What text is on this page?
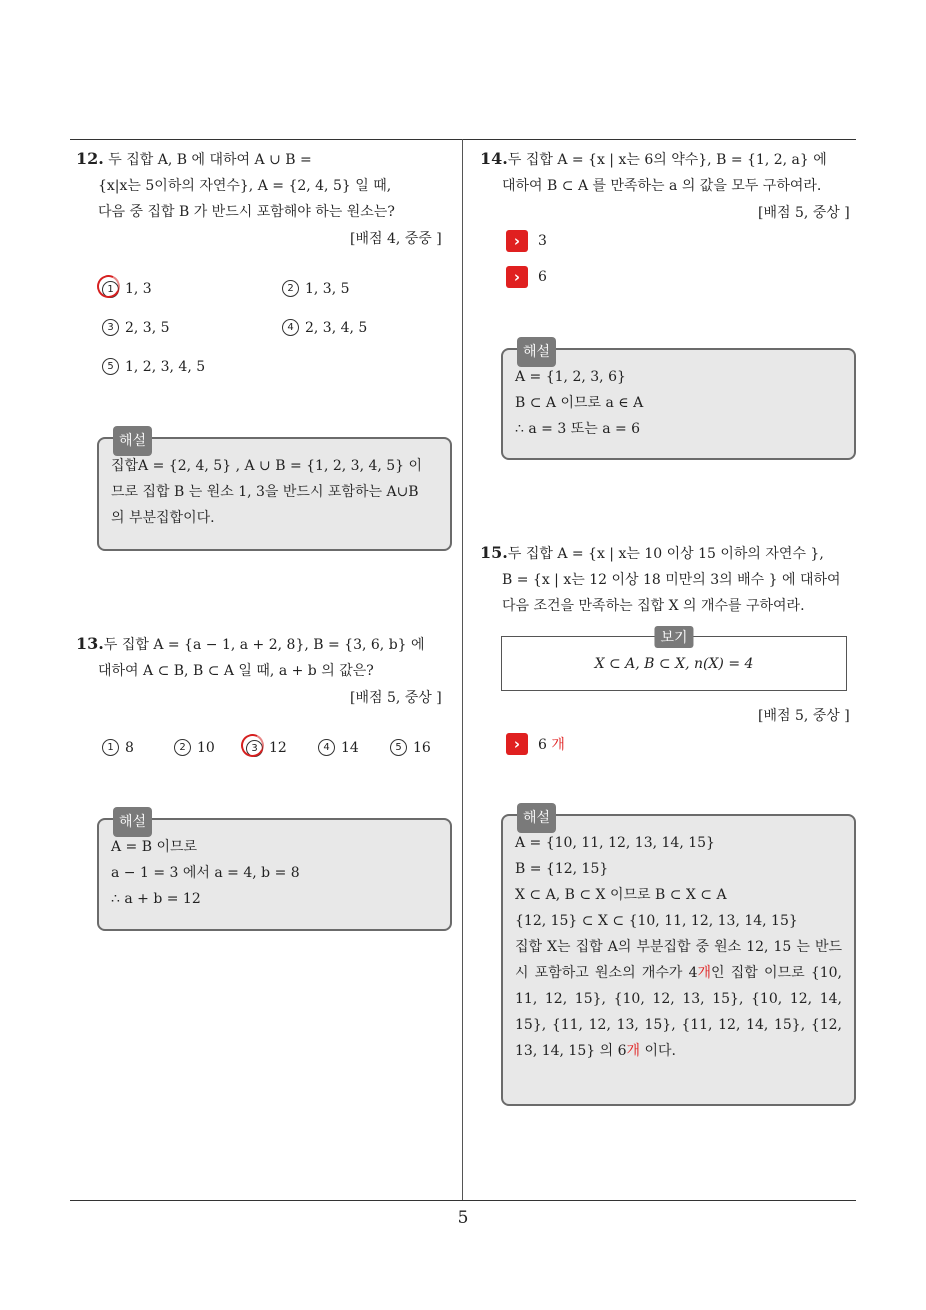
5

12. 두 집합 A, B 에 대하여 A ∪ B =

{x|x는 5이하의 자연수}, A = {2, 4, 5} 일 때,

다음 중 집합 B 가 반드시 포함해야 하는 원소는?

[배점 4, 중중 ]
1 1, 3	2 1, 3, 5
3 2, 3, 5	4 2, 3, 4, 5
5 1, 2, 3, 4, 5
해설

집합A = {2, 4, 5} , A ∪ B = {1, 2, 3, 4, 5} 이

므로 집합 B 는 원소 1, 3을 반드시 포함하는 A∪B

의 부분집합이다.

13.두 집합 A = {a − 1, a + 2, 8}, B = {3, 6, b} 에

대하여 A ⊂ B, B ⊂ A 일 때, a + b 의 값은?

[배점 5, 중상 ]
1 8	2 10	3 12	4 14	5 16
해설

A = B 이므로

a − 1 = 3 에서 a = 4, b = 8

∴ a + b = 12

14.두 집합 A = {x | x는 6의 약수}, B = {1, 2, a} 에

대하여 B ⊂ A 를 만족하는 a 의 값을 모두 구하여라.

[배점 5, 중상 ]
›	3
›	6
해설

A = {1, 2, 3, 6}

B ⊂ A 이므로 a ∈ A

∴ a = 3 또는 a = 6

15.두 집합 A = {x | x는 10 이상 15 이하의 자연수 },

B = {x | x는 12 이상 18 미만의 3의 배수 } 에 대하여

다음 조건을 만족하는 집합 X 의 개수를 구하여라.

보기
X ⊂ A, B ⊂ X, n(X) = 4
[배점 5, 중상 ]
›	6 개
해설

A = {10, 11, 12, 13, 14, 15}

B = {12, 15}

X ⊂ A, B ⊂ X 이므로 B ⊂ X ⊂ A

{12, 15} ⊂ X ⊂ {10, 11, 12, 13, 14, 15}

집합 X는 집합 A의 부분집합 중 원소 12, 15 는 반드시 포함하고 원소의 개수가 4개인 집합 이므로 {10, 11, 12, 15}, {10, 12, 13, 15}, {10, 12, 14, 15}, {11, 12, 13, 15}, {11, 12, 14, 15}, {12, 13, 14, 15} 의 6개 이다.
